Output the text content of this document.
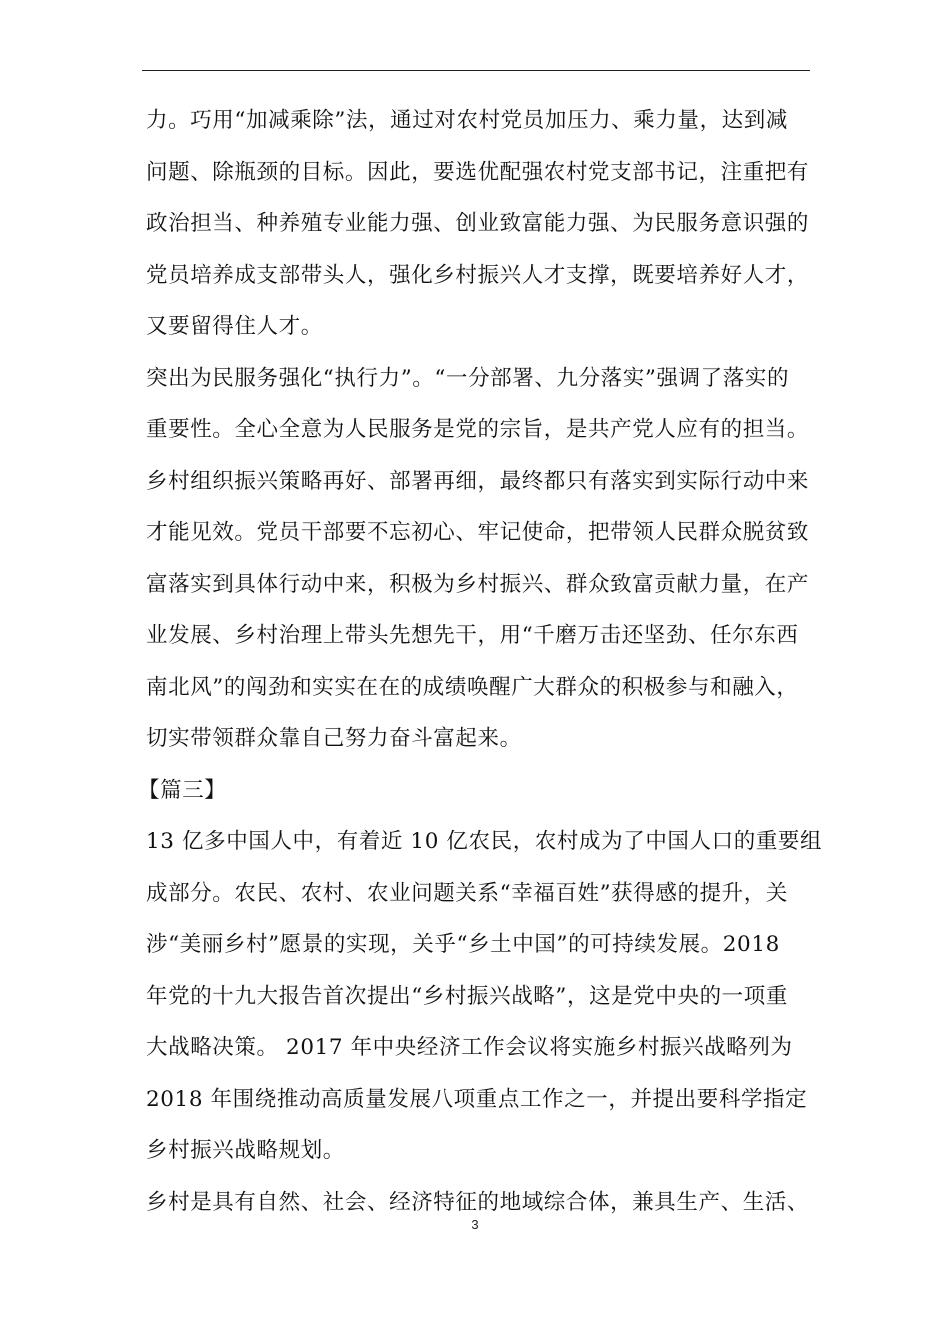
力。巧用“加减乘除”法，通过对农村党员加压力、乘力量，达到减
问题、除瓶颈的目标。因此，要选优配强农村党支部书记，注重把有
政治担当、种养殖专业能力强、创业致富能力强、为民服务意识强的
党员培养成支部带头人，强化乡村振兴人才支撑，既要培养好人才，
又要留得住人才。
突出为民服务强化“执行力”。“一分部署、九分落实”强调了落实的
重要性。全心全意为人民服务是党的宗旨，是共产党人应有的担当。
乡村组织振兴策略再好、部署再细，最终都只有落实到实际行动中来
才能见效。党员干部要不忘初心、牢记使命，把带领人民群众脱贫致
富落实到具体行动中来，积极为乡村振兴、群众致富贡献力量，在产
业发展、乡村治理上带头先想先干，用“千磨万击还坚劲、任尔东西
南北风”的闯劲和实实在在的成绩唤醒广大群众的积极参与和融入，
切实带领群众靠自己努力奋斗富起来。
【篇三】
13 亿多中国人中，有着近 10 亿农民，农村成为了中国人口的重要组
成部分。农民、农村、农业问题关系“幸福百姓”获得感的提升，关
涉“美丽乡村”愿景的实现，关乎“乡土中国”的可持续发展。2018
年党的十九大报告首次提出“乡村振兴战略”，这是党中央的一项重
大战略决策。 2017 年中央经济工作会议将实施乡村振兴战略列为
2018 年围绕推动高质量发展八项重点工作之一，并提出要科学指定
乡村振兴战略规划。
乡村是具有自然、社会、经济特征的地域综合体，兼具生产、生活、
3
